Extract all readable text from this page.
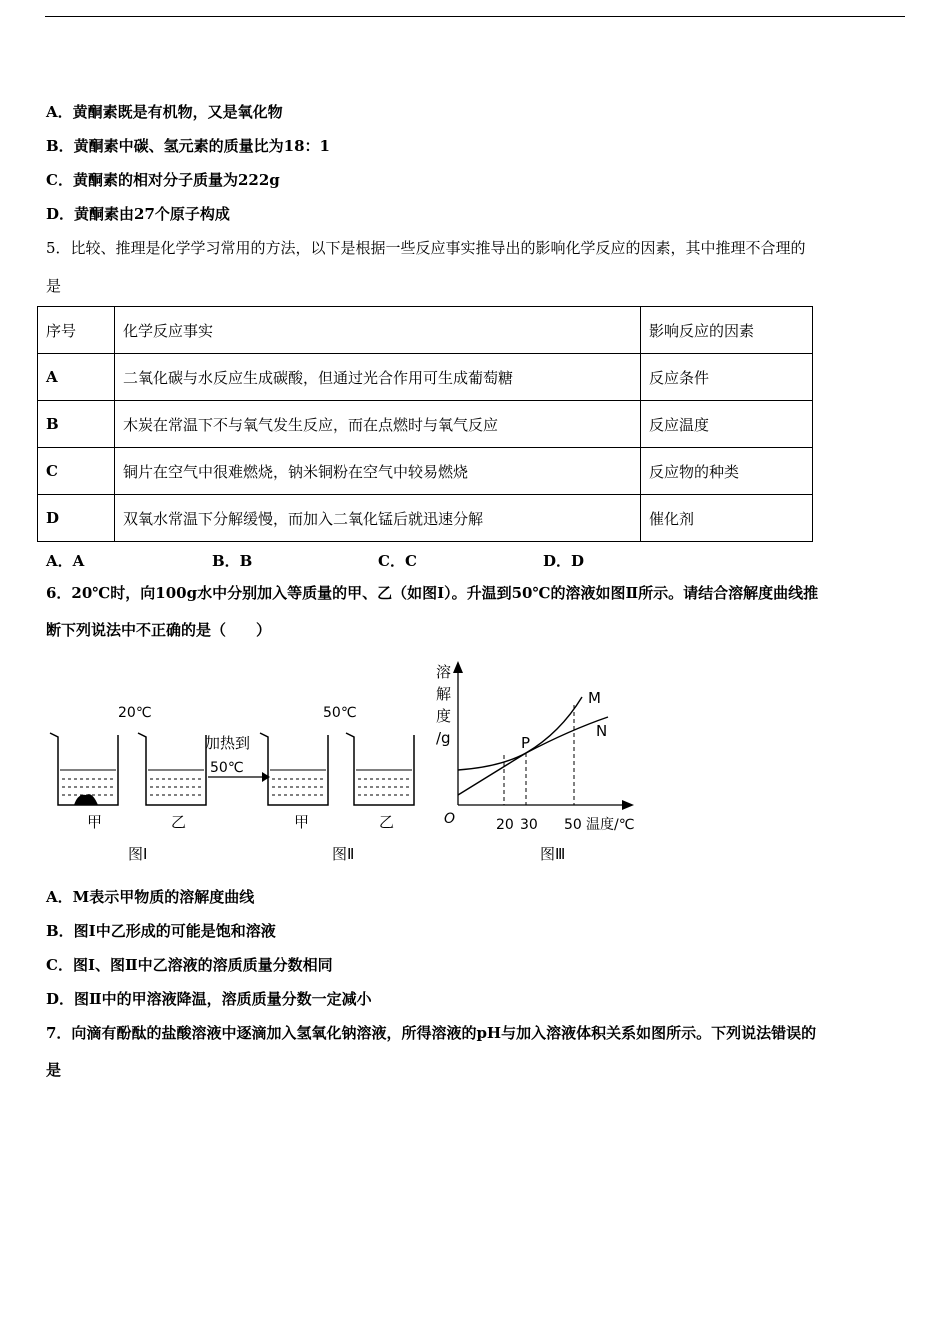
A．黄酮素既是有机物，又是氧化物
B．黄酮素中碳、氢元素的质量比为18：1
C．黄酮素的相对分子质量为222g
D．黄酮素由27个原子构成
5．比较、推理是化学学习常用的方法，以下是根据一些反应事实推导出的影响化学反应的因素，其中推理不合理的
是
序号	化学反应事实	影响反应的因素
A	二氧化碳与水反应生成碳酸，但通过光合作用可生成葡萄糖	反应条件
B	木炭在常温下不与氧气发生反应，而在点燃时与氧气反应	反应温度
C	铜片在空气中很难燃烧，钠米铜粉在空气中较易燃烧	反应物的种类
D	双氧水常温下分解缓慢，而加入二氧化锰后就迅速分解	催化剂
A．A	B．B	C．C	D．D
6．20℃时，向100g水中分别加入等质量的甲、乙（如图I）。升温到50℃的溶液如图Ⅱ所示。请结合溶解度曲线推
断下列说法中不正确的是（　　）
20℃
甲	乙
图I
加热到
50℃
50℃
甲	乙
图Ⅱ
溶
解
度
/g
O	20 30 50 温度/℃
M
N
P
图Ⅲ
A．M表示甲物质的溶解度曲线
B．图I中乙形成的可能是饱和溶液
C．图Ⅰ、图Ⅱ中乙溶液的溶质质量分数相同
D．图Ⅱ中的甲溶液降温，溶质质量分数一定减小
7．向滴有酚酞的盐酸溶液中逐滴加入氢氧化钠溶液，所得溶液的pH与加入溶液体积关系如图所示。下列说法错误的
是
